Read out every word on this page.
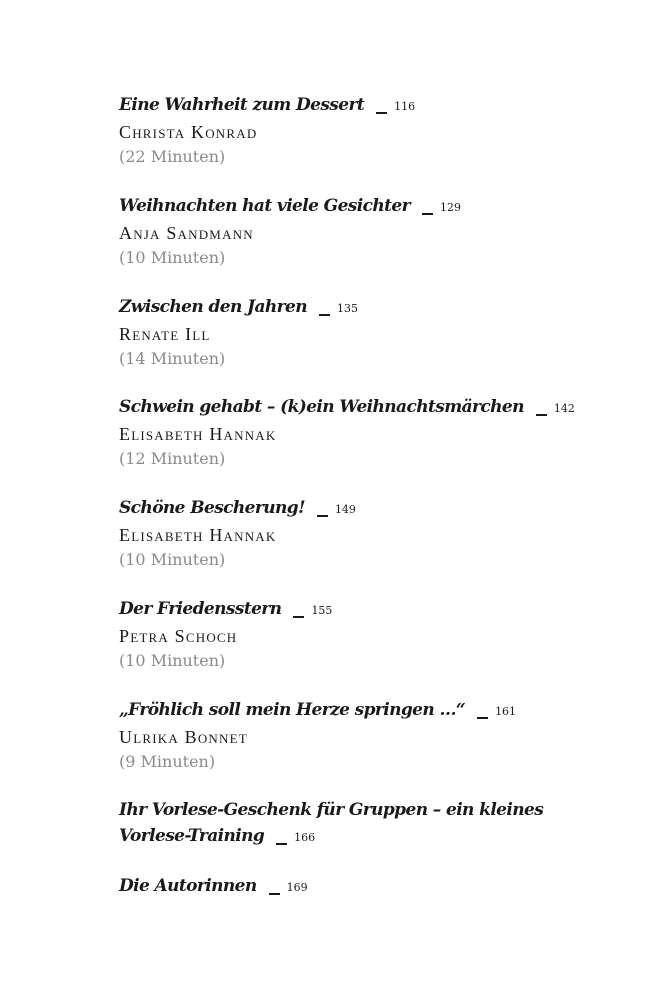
Eine Wahrheit zum Dessert	116
Christa Konrad
(22 Minuten)
Weihnachten hat viele Gesichter	129
Anja Sandmann
(10 Minuten)
Zwischen den Jahren	135
Renate Ill
(14 Minuten)
Schwein gehabt – (k)ein Weihnachtsmärchen	142
Elisabeth Hannak
(12 Minuten)
Schöne Bescherung!	149
Elisabeth Hannak
(10 Minuten)
Der Friedensstern	155
Petra Schoch
(10 Minuten)
„Fröhlich soll mein Herze springen …“	161
Ulrika Bonnet
(9 Minuten)
Ihr Vorlese-Geschenk für Gruppen – ein kleines
Vorlese-Training	166
Die Autorinnen	169
